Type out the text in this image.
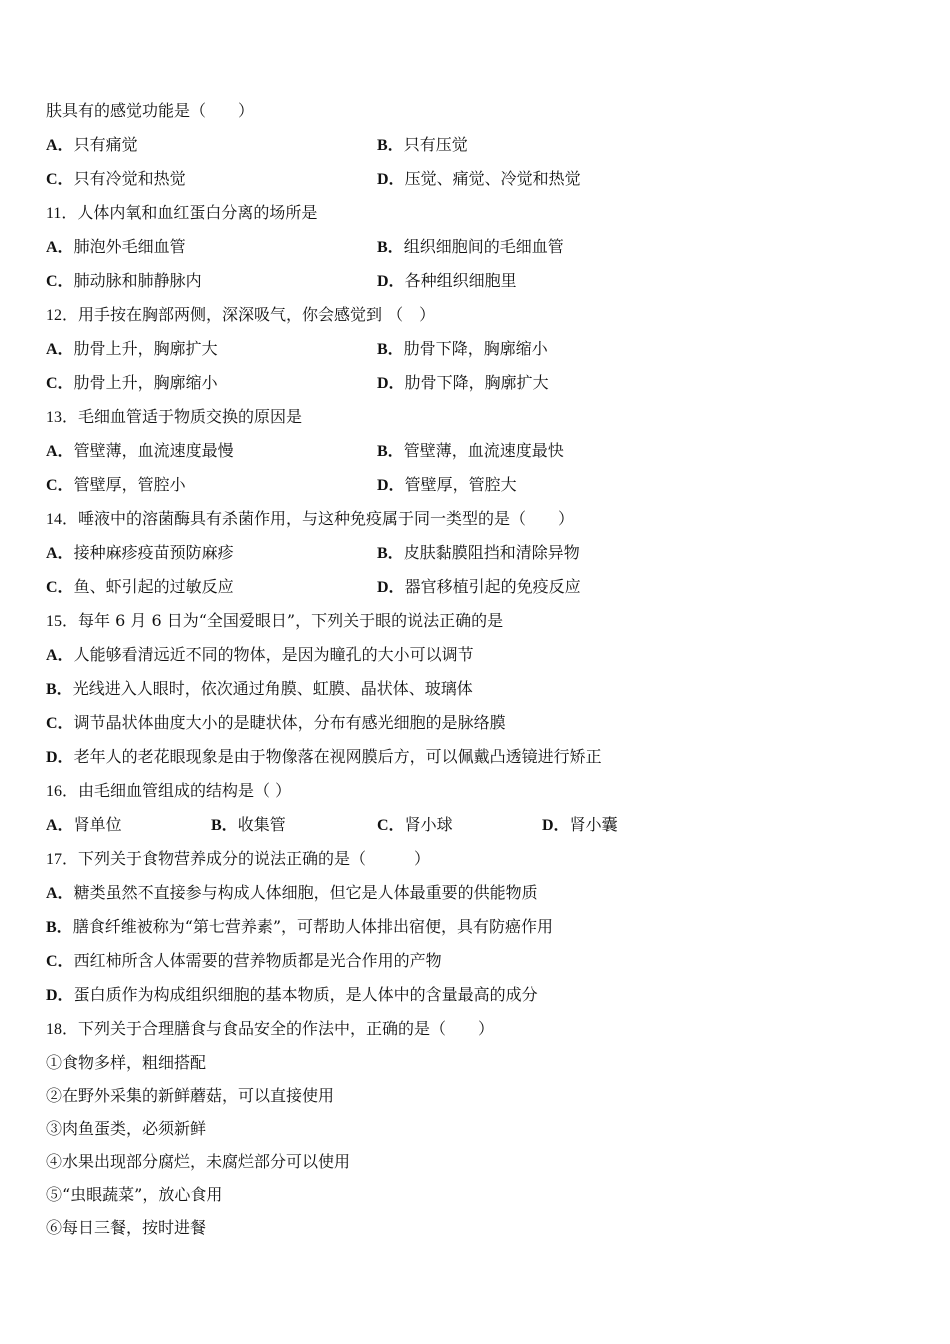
肤具有的感觉功能是（　　）
A．只有痛觉	B．只有压觉
C．只有冷觉和热觉	D．压觉、痛觉、冷觉和热觉
11．人体内氧和血红蛋白分离的场所是
A．肺泡外毛细血管	B．组织细胞间的毛细血管
C．肺动脉和肺静脉内	D．各种组织细胞里
12．用手按在胸部两侧，深深吸气，你会感觉到 （　）
A．肋骨上升，胸廓扩大	B．肋骨下降，胸廓缩小
C．肋骨上升，胸廓缩小	D．肋骨下降，胸廓扩大
13．毛细血管适于物质交换的原因是
A．管壁薄，血流速度最慢	B．管壁薄，血流速度最快
C．管壁厚，管腔小	D．管壁厚，管腔大
14．唾液中的溶菌酶具有杀菌作用，与这种免疫属于同一类型的是（　　）
A．接种麻疹疫苗预防麻疹	B．皮肤黏膜阻挡和清除异物
C．鱼、虾引起的过敏反应	D．器官移植引起的免疫反应
15．每年 6 月 6 日为“全国爱眼日”，下列关于眼的说法正确的是
A．人能够看清远近不同的物体，是因为瞳孔的大小可以调节
B．光线进入人眼时，依次通过角膜、虹膜、晶状体、玻璃体
C．调节晶状体曲度大小的是睫状体，分布有感光细胞的是脉络膜
D．老年人的老花眼现象是由于物像落在视网膜后方，可以佩戴凸透镜进行矫正
16．由毛细血管组成的结构是（ ）
A．肾单位	B．收集管	C．肾小球	D．肾小囊
17．下列关于食物营养成分的说法正确的是（　　　）
A．糖类虽然不直接参与构成人体细胞，但它是人体最重要的供能物质
B．膳食纤维被称为“第七营养素”，可帮助人体排出宿便，具有防癌作用
C．西红柿所含人体需要的营养物质都是光合作用的产物
D．蛋白质作为构成组织细胞的基本物质，是人体中的含量最高的成分
18．下列关于合理膳食与食品安全的作法中，正确的是（　　）
①食物多样，粗细搭配
②在野外采集的新鲜蘑菇，可以直接使用
③肉鱼蛋类，必须新鲜
④水果出现部分腐烂，未腐烂部分可以使用
⑤“虫眼蔬菜”，放心食用
⑥每日三餐，按时进餐
